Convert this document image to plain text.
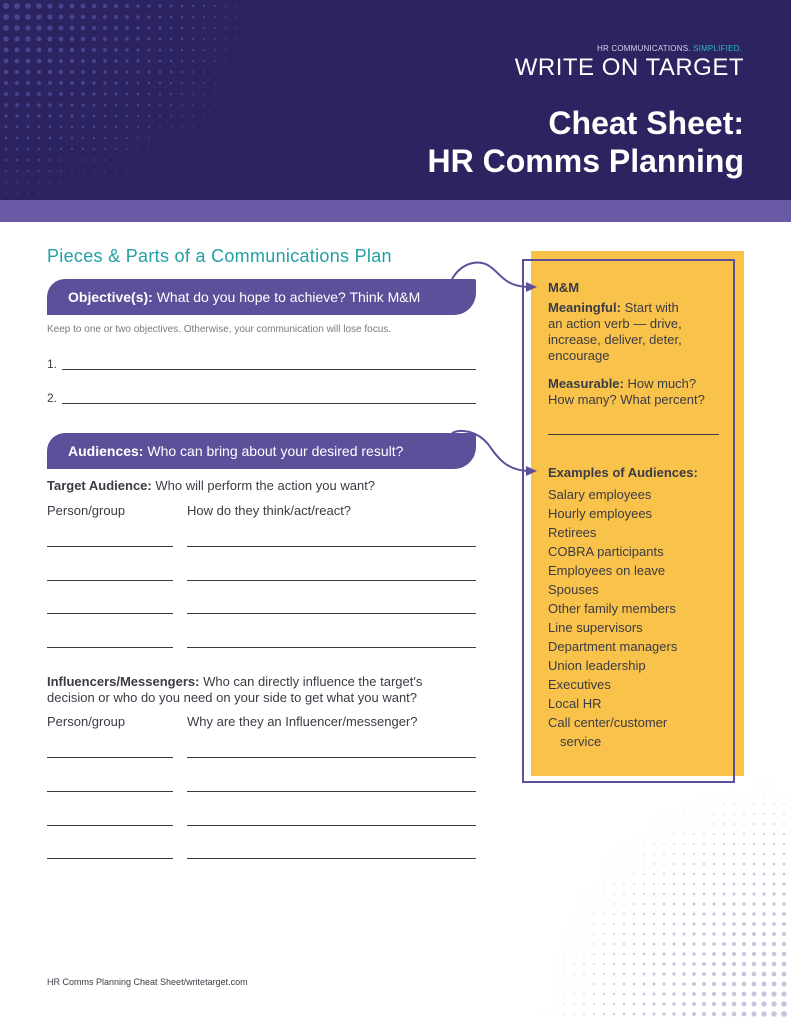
HR COMMUNICATIONS. SIMPLIFIED.
WRITE ON TARGET
Cheat Sheet:
HR Comms Planning
Pieces & Parts of a Communications Plan
Objective(s): What do you hope to achieve? Think M&M
Keep to one or two objectives. Otherwise, your communication will lose focus.
1.
2.
Audiences: Who can bring about your desired result?
Target Audience: Who will perform the action you want?
Person/group	How do they think/act/react?
Influencers/Messengers: Who can directly influence the target's
decision or who do you need on your side to get what you want?
Person/group	Why are they an Influencer/messenger?
M&M
Meaningful: Start with
an action verb — drive,
increase, deliver, deter,
encourage
Measurable: How much?
How many? What percent?
Examples of Audiences:
Salary employees
Hourly employees
Retirees
COBRA participants
Employees on leave
Spouses
Other family members
Line supervisors
Department managers
Union leadership
Executives
Local HR
Call center/customer
service
HR Comms Planning Cheat Sheet/writetarget.com
